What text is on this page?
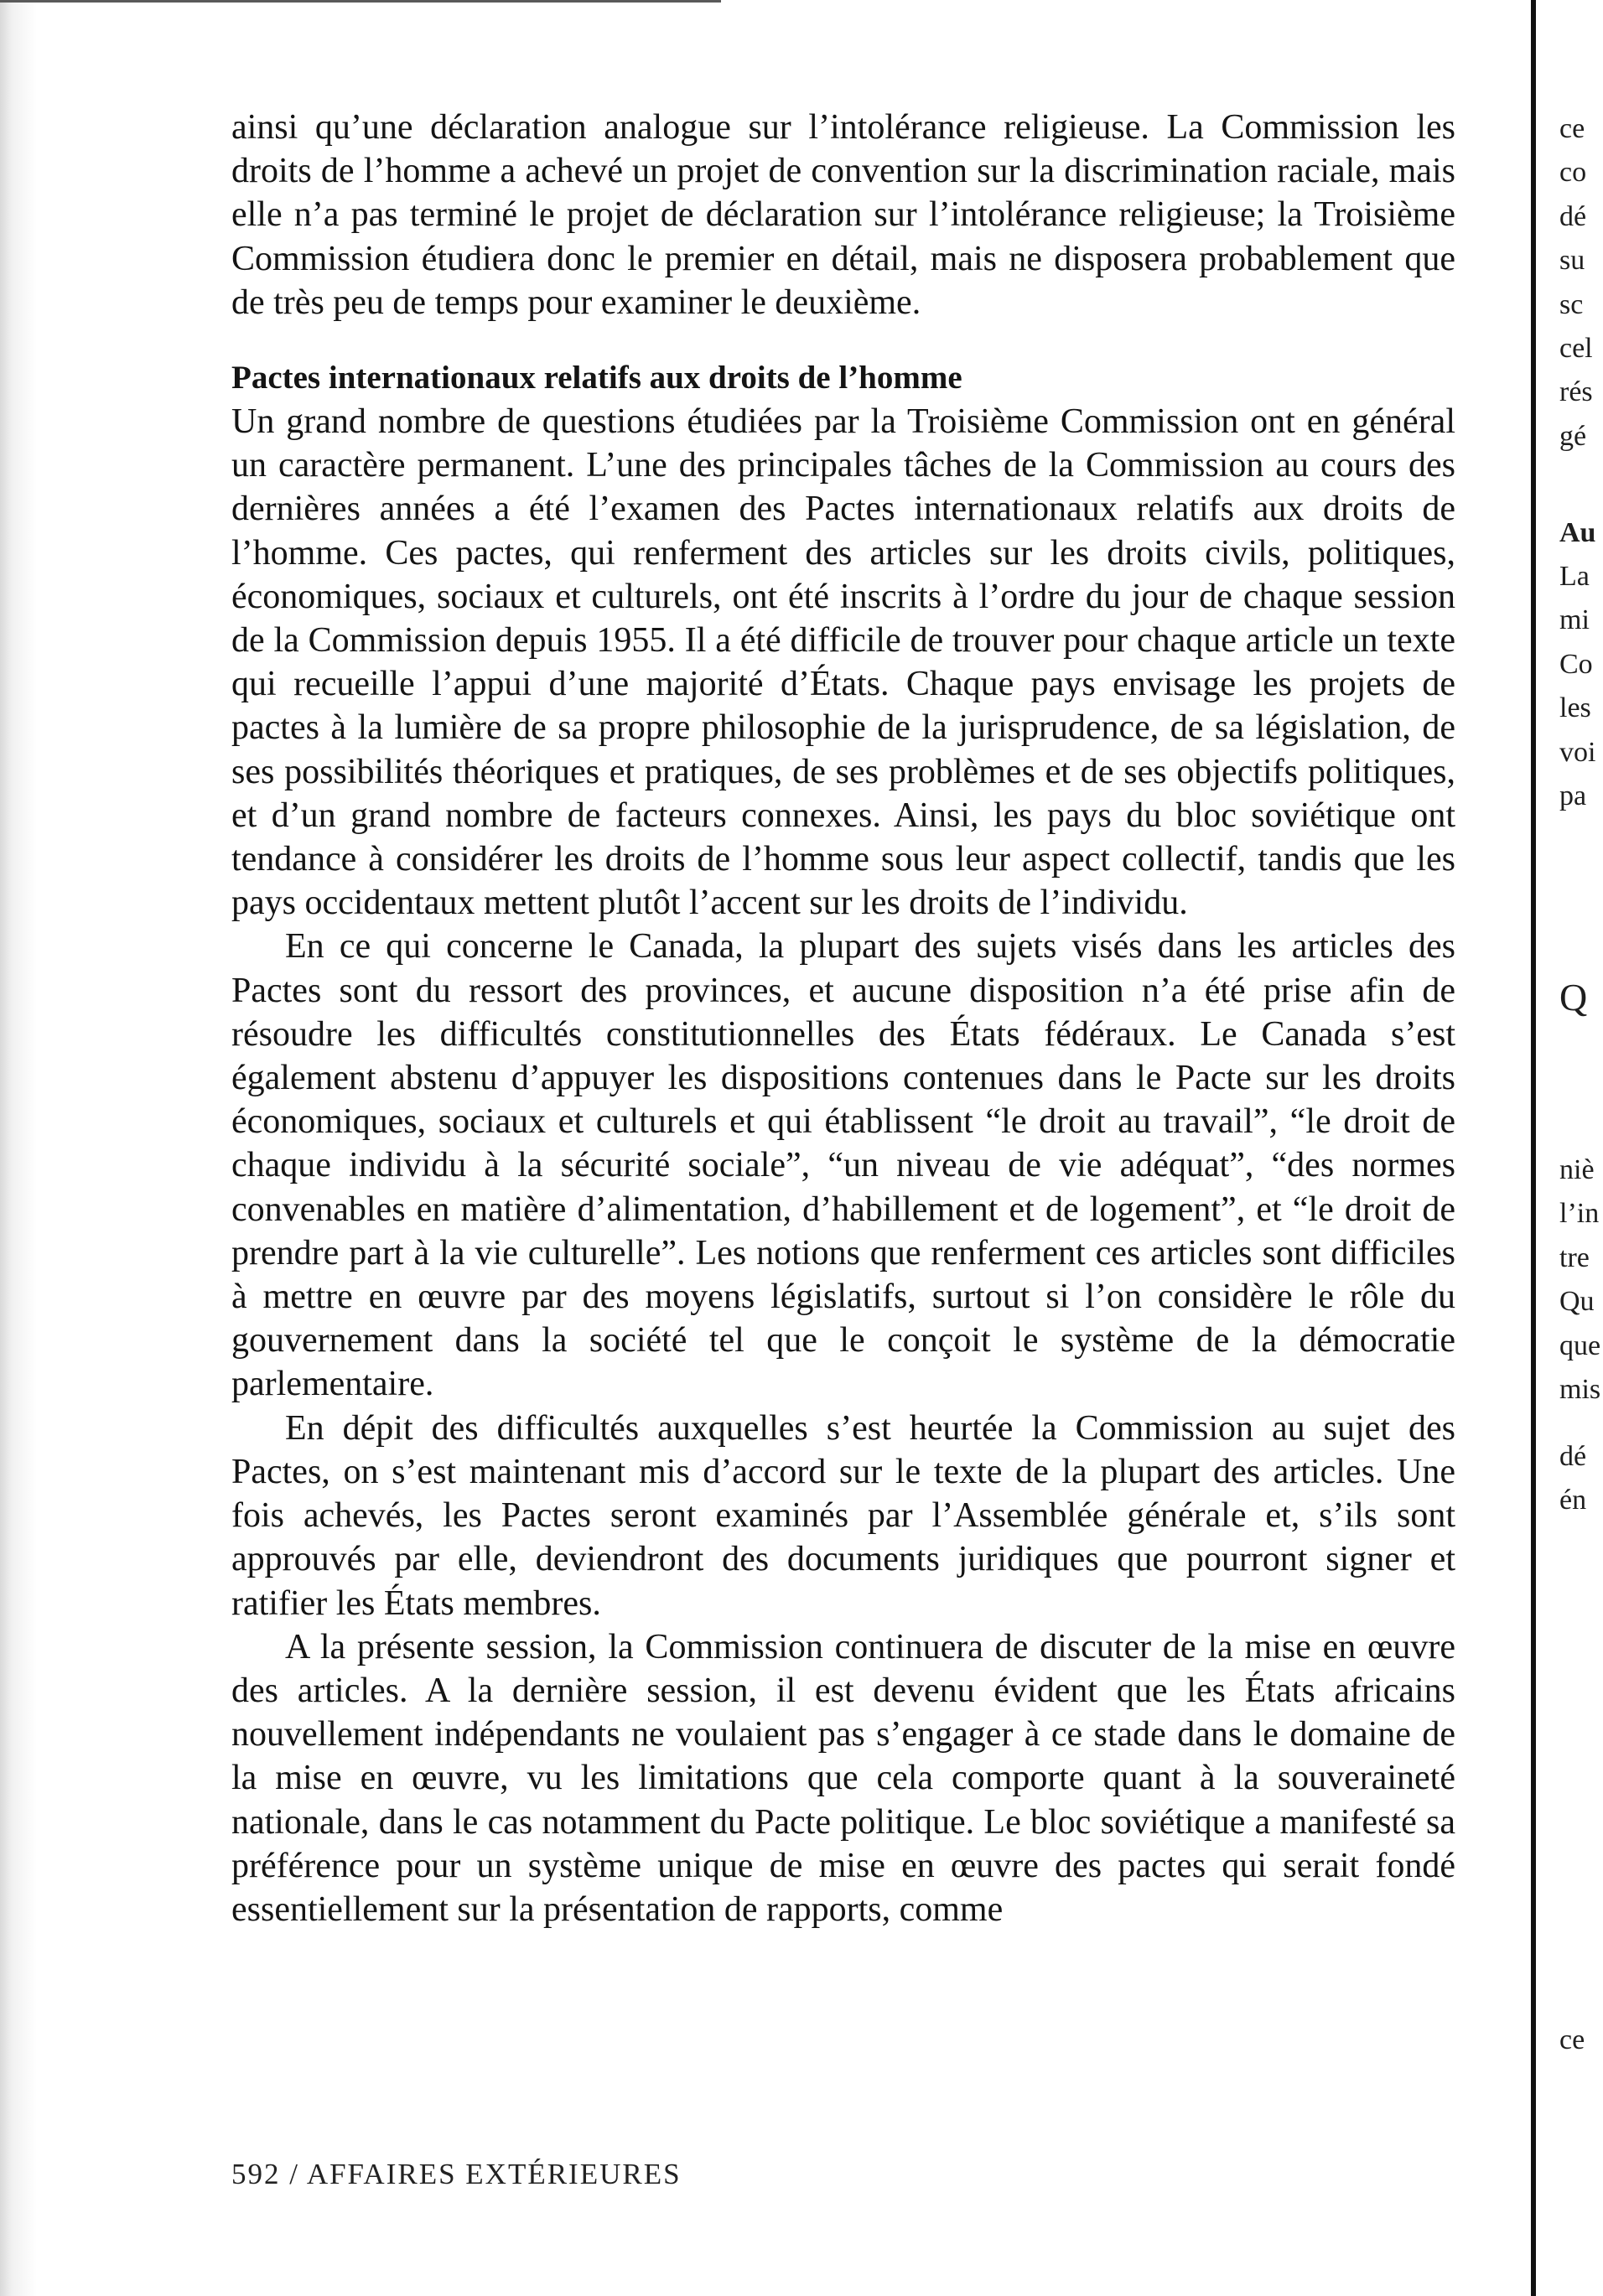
ainsi qu’une déclaration analogue sur l’intolérance religieuse. La Commission les droits de l’homme a achevé un projet de convention sur la discrimination raciale, mais elle n’a pas terminé le projet de déclaration sur l’intolérance religieuse; la Troisième Commission étudiera donc le premier en détail, mais ne disposera probablement que de très peu de temps pour examiner le deuxième.

Pactes internationaux relatifs aux droits de l’homme

Un grand nombre de questions étudiées par la Troisième Commission ont en général un caractère permanent. L’une des principales tâches de la Commission au cours des dernières années a été l’examen des Pactes internationaux relatifs aux droits de l’homme. Ces pactes, qui renferment des articles sur les droits civils, politiques, économiques, sociaux et culturels, ont été inscrits à l’ordre du jour de chaque session de la Commission depuis 1955. Il a été difficile de trouver pour chaque article un texte qui recueille l’appui d’une majorité d’États. Chaque pays envisage les projets de pactes à la lumière de sa propre philosophie de la jurisprudence, de sa législation, de ses possibilités théoriques et pratiques, de ses problèmes et de ses objectifs politiques, et d’un grand nombre de facteurs connexes. Ainsi, les pays du bloc soviétique ont tendance à considérer les droits de l’homme sous leur aspect collectif, tandis que les pays occidentaux mettent plutôt l’accent sur les droits de l’individu.

En ce qui concerne le Canada, la plupart des sujets visés dans les articles des Pactes sont du ressort des provinces, et aucune disposition n’a été prise afin de résoudre les difficultés constitutionnelles des États fédéraux. Le Canada s’est également abstenu d’appuyer les dispositions contenues dans le Pacte sur les droits économiques, sociaux et culturels et qui établissent “le droit au travail”, “le droit de chaque individu à la sécurité sociale”, “un niveau de vie adéquat”, “des normes convenables en matière d’alimentation, d’habillement et de logement”, et “le droit de prendre part à la vie culturelle”. Les notions que renferment ces articles sont difficiles à mettre en œuvre par des moyens législatifs, surtout si l’on considère le rôle du gouvernement dans la société tel que le conçoit le système de la démocratie parlementaire.

En dépit des difficultés auxquelles s’est heurtée la Commission au sujet des Pactes, on s’est maintenant mis d’accord sur le texte de la plupart des articles. Une fois achevés, les Pactes seront examinés par l’Assemblée générale et, s’ils sont approuvés par elle, deviendront des documents juridiques que pourront signer et ratifier les États membres.

A la présente session, la Commission continuera de discuter de la mise en œuvre des articles. A la dernière session, il est devenu évident que les États africains nouvellement indépendants ne voulaient pas s’engager à ce stade dans le domaine de la mise en œuvre, vu les limitations que cela comporte quant à la souveraineté nationale, dans le cas notamment du Pacte politique. Le bloc soviétique a manifesté sa préférence pour un système unique de mise en œuvre des pactes qui serait fondé essentiellement sur la présentation de rapports, comme

ce
co
dé
su
sc
cel
rés
gé
Au
La
mi
Co
les
voi
pa
Q
niè
l’in
tre
Qu
que
mis
dé
én
ce
592 / AFFAIRES EXTÉRIEURES
